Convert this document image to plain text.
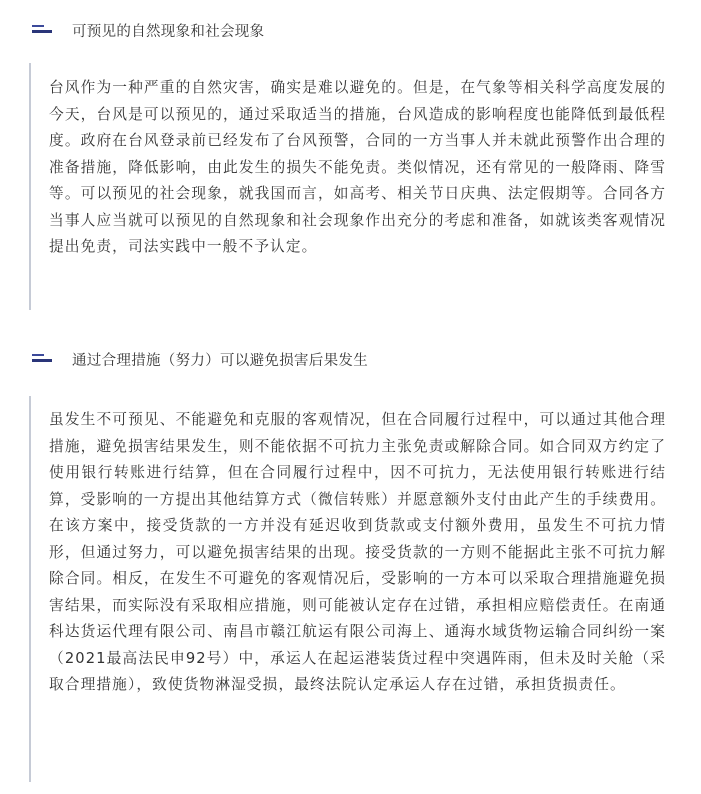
可预见的自然现象和社会现象

台风作为一种严重的自然灾害，确实是难以避免的。但是，在气象等相关科学高度发展的今天，台风是可以预见的，通过采取适当的措施，台风造成的影响程度也能降低到最低程度。政府在台风登录前已经发布了台风预警，合同的一方当事人并未就此预警作出合理的准备措施，降低影响，由此发生的损失不能免责。类似情况，还有常见的一般降雨、降雪等。可以预见的社会现象，就我国而言，如高考、相关节日庆典、法定假期等。合同各方当事人应当就可以预见的自然现象和社会现象作出充分的考虑和准备，如就该类客观情况提出免责，司法实践中一般不予认定。

通过合理措施（努力）可以避免损害后果发生

虽发生不可预见、不能避免和克服的客观情况，但在合同履行过程中，可以通过其他合理措施，避免损害结果发生，则不能依据不可抗力主张免责或解除合同。如合同双方约定了使用银行转账进行结算，但在合同履行过程中，因不可抗力，无法使用银行转账进行结算，受影响的一方提出其他结算方式（微信转账）并愿意额外支付由此产生的手续费用。在该方案中，接受货款的一方并没有延迟收到货款或支付额外费用，虽发生不可抗力情形，但通过努力，可以避免损害结果的出现。接受货款的一方则不能据此主张不可抗力解除合同。相反，在发生不可避免的客观情况后，受影响的一方本可以采取合理措施避免损害结果，而实际没有采取相应措施，则可能被认定存在过错，承担相应赔偿责任。在南通科达货运代理有限公司、南昌市赣江航运有限公司海上、通海水域货物运输合同纠纷一案（2021最高法民申92号）中，承运人在起运港装货过程中突遇阵雨，但未及时关舱（采取合理措施），致使货物淋湿受损，最终法院认定承运人存在过错，承担货损责任。
